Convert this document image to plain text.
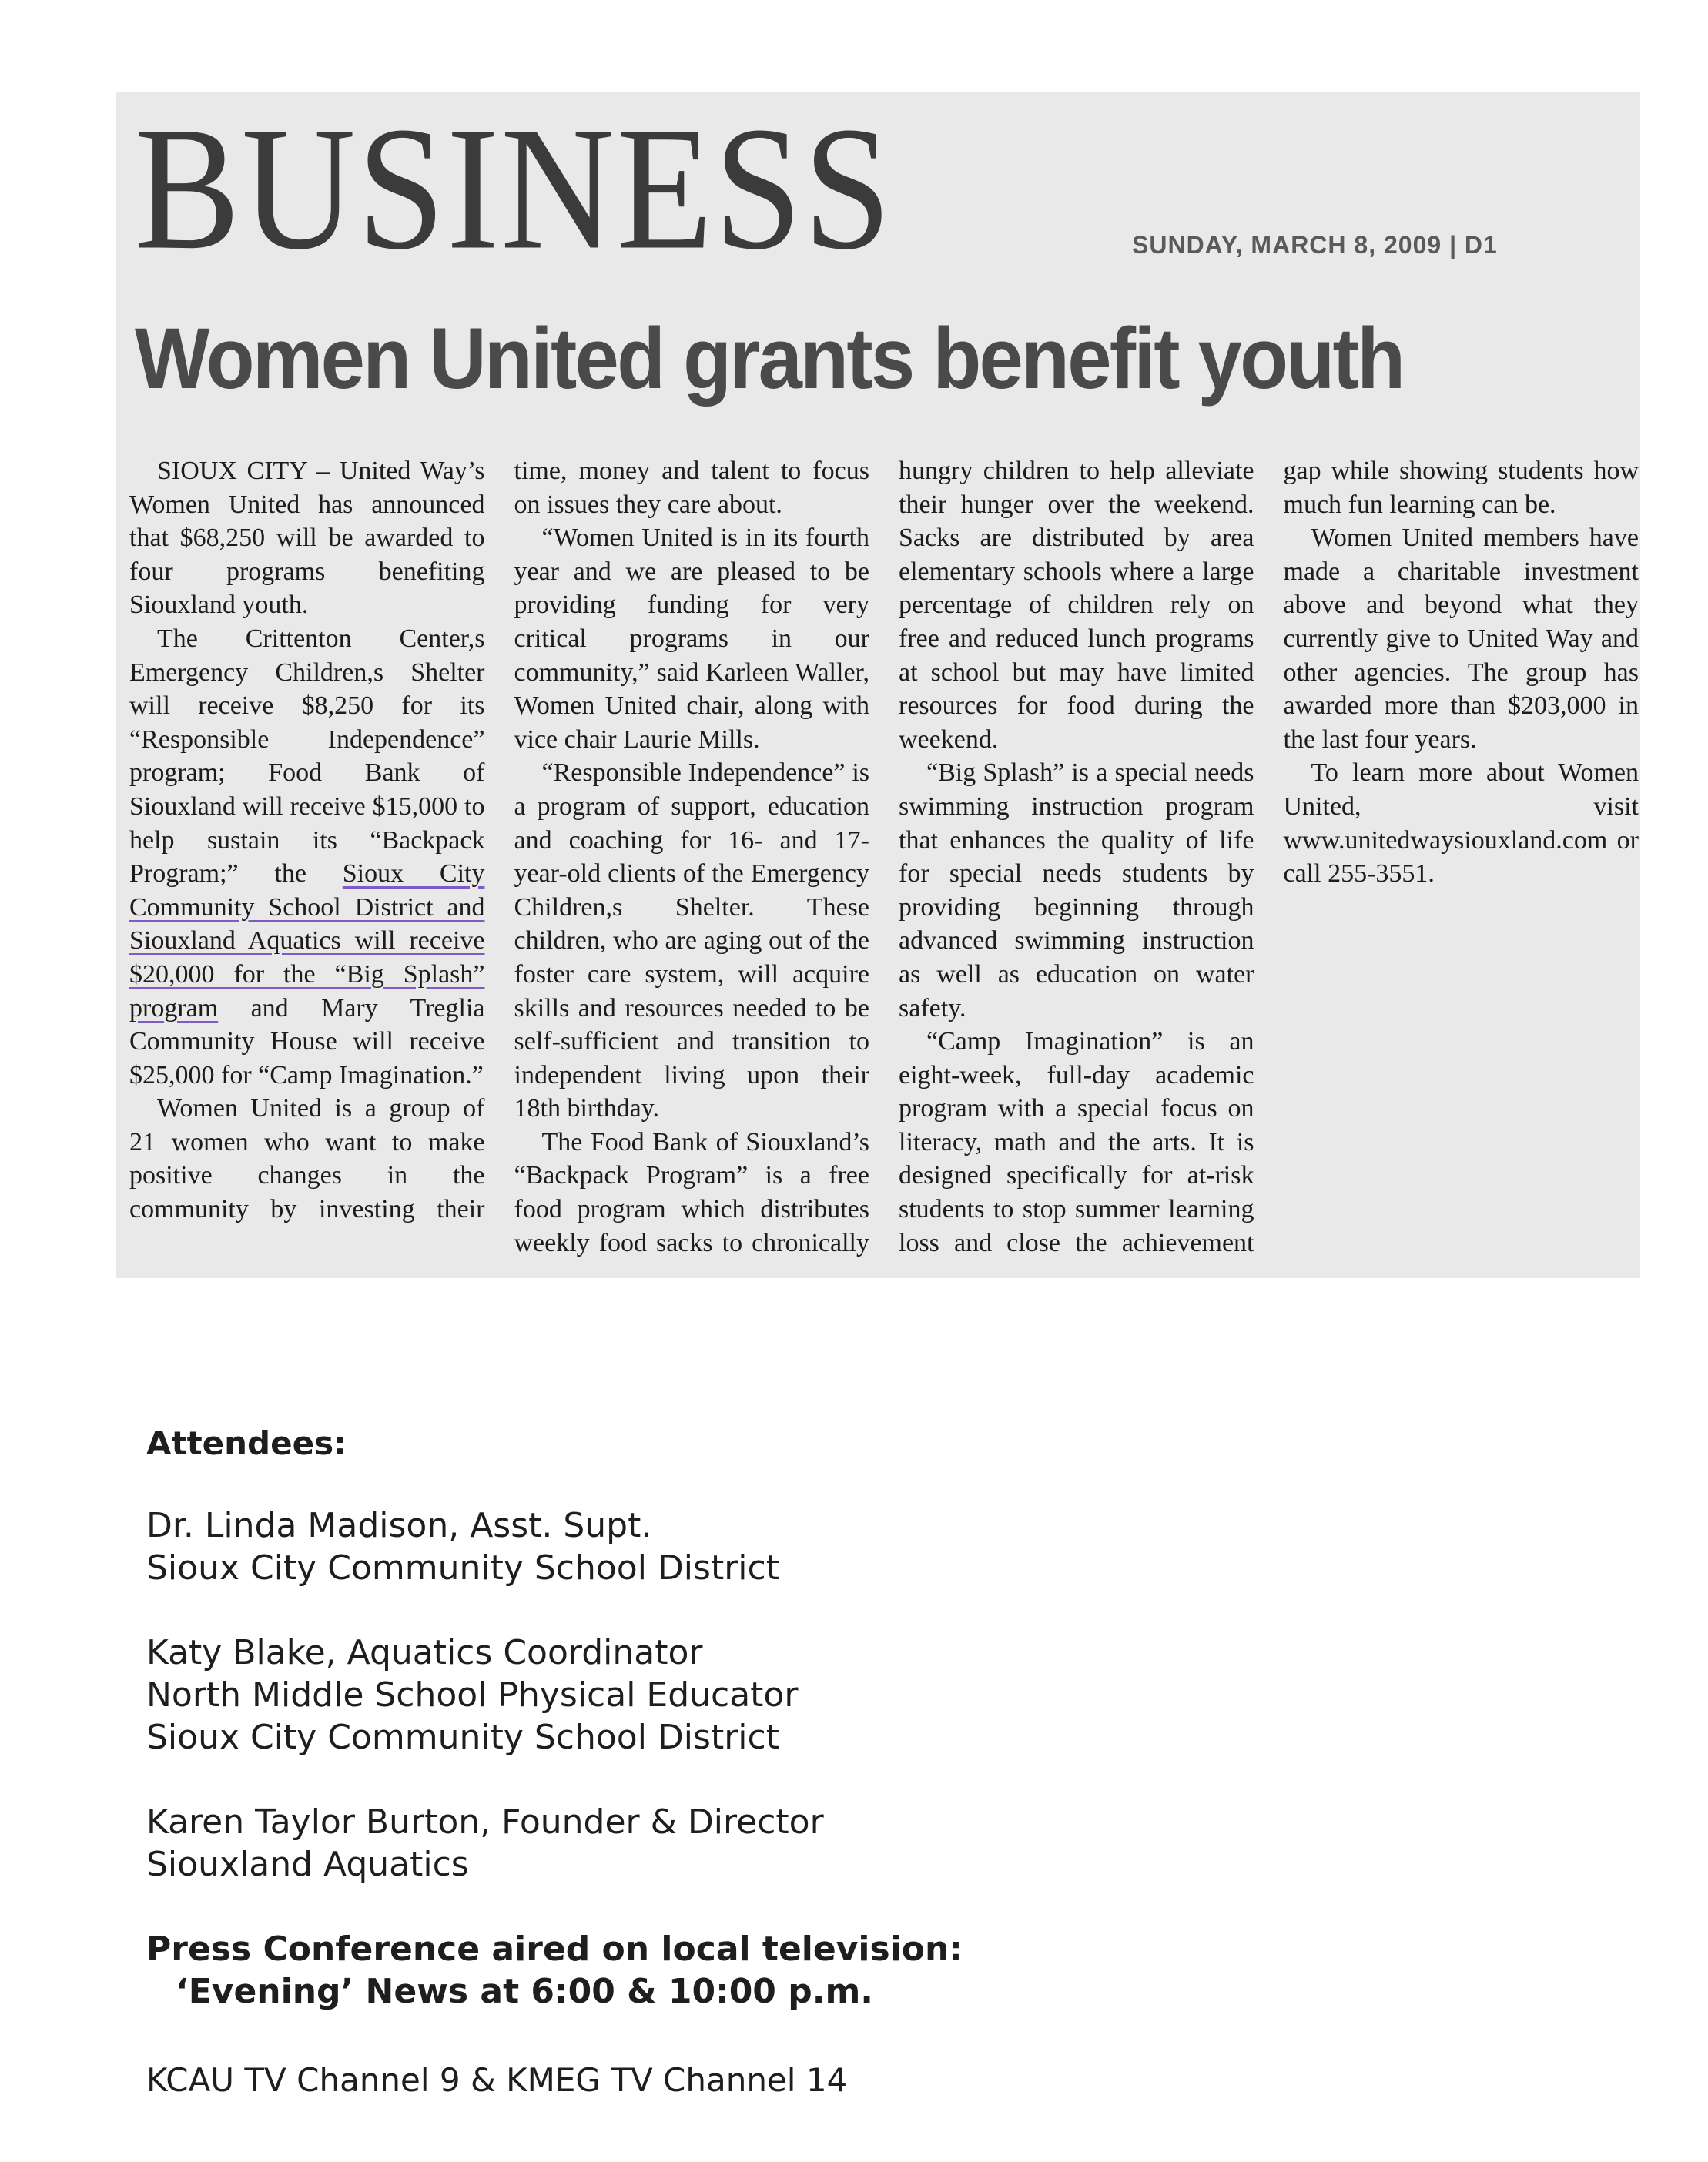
BUSINESS	SUNDAY, MARCH 8, 2009 | D1
Women United grants benefit youth

SIOUX CITY – United Way’s Women United has announced that $68,250 will be awarded to four programs benefiting Siouxland youth.

The Crittenton Center,s Emergency Children,s Shelter will receive $8,250 for its “Responsible Independence” program; Food Bank of Siouxland will receive $15,000 to help sustain its “Backpack Program;” the Sioux City Community School District and Siouxland Aquatics will receive $20,000 for the “Big Splash” program and Mary Treglia Community House will receive $25,000 for “Camp Imagination.”

Women United is a group of 21 women who want to make positive changes in the community by investing their time, money and talent to focus on issues they care about.

“Women United is in its fourth year and we are pleased to be providing funding for very critical programs in our community,” said Karleen Waller, Women United chair, along with vice chair Laurie Mills.

“Responsible Independence” is a program of support, education and coaching for 16- and 17-year-old clients of the Emergency Children,s Shelter. These children, who are aging out of the foster care system, will acquire skills and resources needed to be self-sufficient and transition to independent living upon their 18th birthday.

The Food Bank of Siouxland’s “Backpack Program” is a free food program which distributes weekly food sacks to chronically hungry children to help alleviate their hunger over the weekend. Sacks are distributed by area elementary schools where a large percentage of children rely on free and reduced lunch programs at school but may have limited resources for food during the weekend.

“Big Splash” is a special needs swimming instruction program that enhances the quality of life for special needs students by providing beginning through advanced swimming instruction as well as education on water safety.

“Camp Imagination” is an eight-week, full-day academic program with a special focus on literacy, math and the arts. It is designed specifically for at-risk students to stop summer learning loss and close the achievement gap while showing students how much fun learning can be.

Women United members have made a charitable investment above and beyond what they currently give to United Way and other agencies. The group has awarded more than $203,000 in the last four years.

To learn more about Women United, visit www.unitedwaysiouxland.com or call 255-3551.

Attendees:

Dr. Linda Madison, Asst. Supt.
Sioux City Community School District
Katy Blake, Aquatics Coordinator
North Middle School Physical Educator
Sioux City Community School District
Karen Taylor Burton, Founder & Director
Siouxland Aquatics

Press Conference aired on local television:

‘Evening’ News at 6:00 & 10:00 p.m.

KCAU TV Channel 9 & KMEG TV Channel 14
